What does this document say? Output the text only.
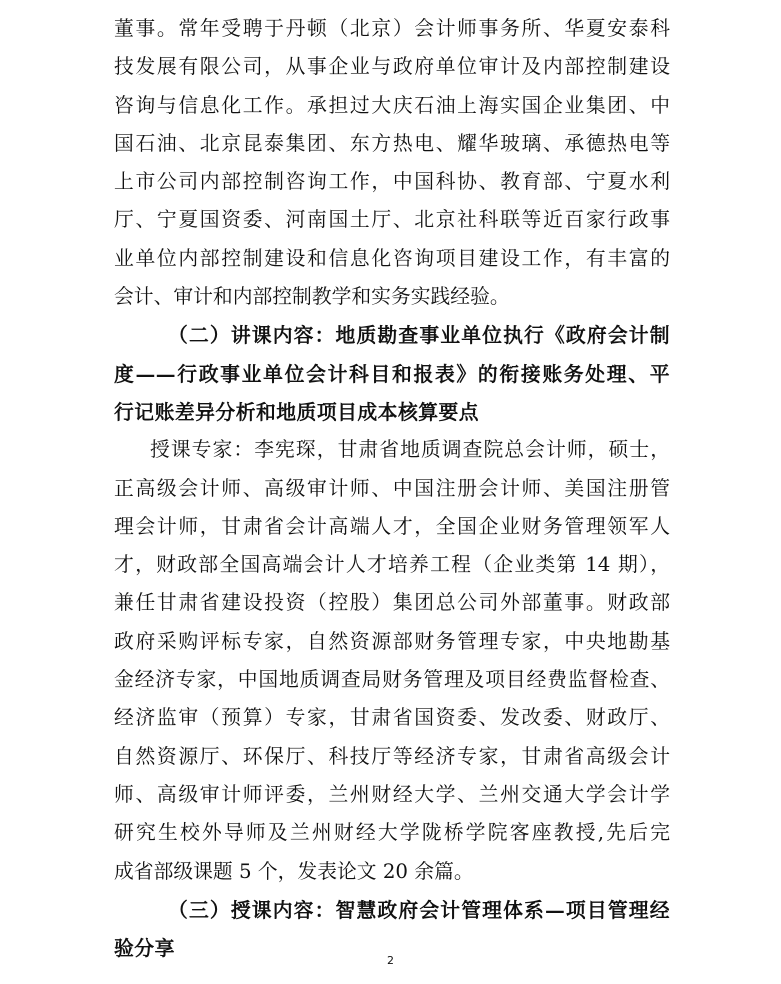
董事。常年受聘于丹顿（北京）会计师事务所、华夏安泰科
技发展有限公司，从事企业与政府单位审计及内部控制建设
咨询与信息化工作。承担过大庆石油上海实国企业集团、中
国石油、北京昆泰集团、东方热电、耀华玻璃、承德热电等
上市公司内部控制咨询工作，中国科协、教育部、宁夏水利
厅、宁夏国资委、河南国土厅、北京社科联等近百家行政事
业单位内部控制建设和信息化咨询项目建设工作，有丰富的
会计、审计和内部控制教学和实务实践经验。
（二）讲课内容：地质勘查事业单位执行《政府会计制
度——行政事业单位会计科目和报表》的衔接账务处理、平
行记账差异分析和地质项目成本核算要点
授课专家：李宪琛，甘肃省地质调查院总会计师，硕士，
正高级会计师、高级审计师、中国注册会计师、美国注册管
理会计师，甘肃省会计高端人才，全国企业财务管理领军人
才，财政部全国高端会计人才培养工程（企业类第 14 期），
兼任甘肃省建设投资（控股）集团总公司外部董事。财政部
政府采购评标专家，自然资源部财务管理专家，中央地勘基
金经济专家，中国地质调查局财务管理及项目经费监督检查、
经济监审（预算）专家，甘肃省国资委、发改委、财政厅、
自然资源厅、环保厅、科技厅等经济专家，甘肃省高级会计
师、高级审计师评委，兰州财经大学、兰州交通大学会计学
研究生校外导师及兰州财经大学陇桥学院客座教授,先后完
成省部级课题 5 个，发表论文 20 余篇。
（三）授课内容：智慧政府会计管理体系—项目管理经
验分享
2
